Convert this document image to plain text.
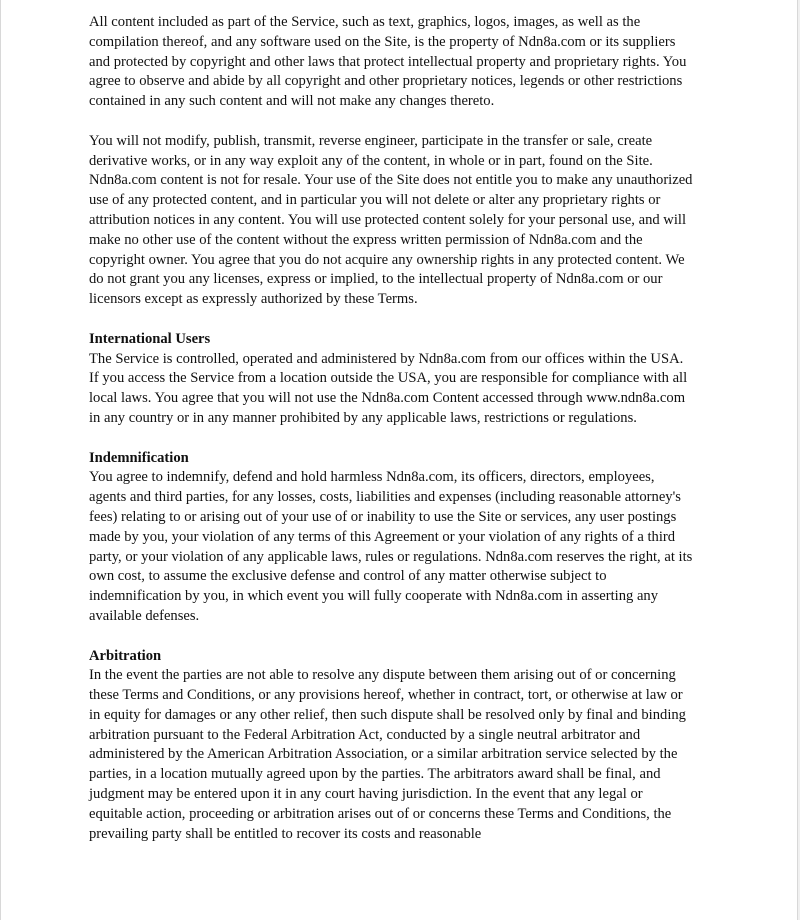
All content included as part of the Service, such as text, graphics, logos, images, as well as the compilation thereof, and any software used on the Site, is the property of Ndn8a.com or its suppliers and protected by copyright and other laws that protect intellectual property and proprietary rights. You agree to observe and abide by all copyright and other proprietary notices, legends or other restrictions contained in any such content and will not make any changes thereto.

You will not modify, publish, transmit, reverse engineer, participate in the transfer or sale, create derivative works, or in any way exploit any of the content, in whole or in part, found on the Site. Ndn8a.com content is not for resale. Your use of the Site does not entitle you to make any unauthorized use of any protected content, and in particular you will not delete or alter any proprietary rights or attribution notices in any content. You will use protected content solely for your personal use, and will make no other use of the content without the express written permission of Ndn8a.com and the copyright owner. You agree that you do not acquire any ownership rights in any protected content. We do not grant you any licenses, express or implied, to the intellectual property of Ndn8a.com or our licensors except as expressly authorized by these Terms.

International Users

The Service is controlled, operated and administered by Ndn8a.com from our offices within the USA. If you access the Service from a location outside the USA, you are responsible for compliance with all local laws. You agree that you will not use the Ndn8a.com Content accessed through www.ndn8a.com in any country or in any manner prohibited by any applicable laws, restrictions or regulations.

Indemnification

You agree to indemnify, defend and hold harmless Ndn8a.com, its officers, directors, employees, agents and third parties, for any losses, costs, liabilities and expenses (including reasonable attorney's fees) relating to or arising out of your use of or inability to use the Site or services, any user postings made by you, your violation of any terms of this Agreement or your violation of any rights of a third party, or your violation of any applicable laws, rules or regulations. Ndn8a.com reserves the right, at its own cost, to assume the exclusive defense and control of any matter otherwise subject to indemnification by you, in which event you will fully cooperate with Ndn8a.com in asserting any available defenses.

Arbitration

In the event the parties are not able to resolve any dispute between them arising out of or concerning these Terms and Conditions, or any provisions hereof, whether in contract, tort, or otherwise at law or in equity for damages or any other relief, then such dispute shall be resolved only by final and binding arbitration pursuant to the Federal Arbitration Act, conducted by a single neutral arbitrator and administered by the American Arbitration Association, or a similar arbitration service selected by the parties, in a location mutually agreed upon by the parties. The arbitrators award shall be final, and judgment may be entered upon it in any court having jurisdiction. In the event that any legal or equitable action, proceeding or arbitration arises out of or concerns these Terms and Conditions, the prevailing party shall be entitled to recover its costs and reasonable
